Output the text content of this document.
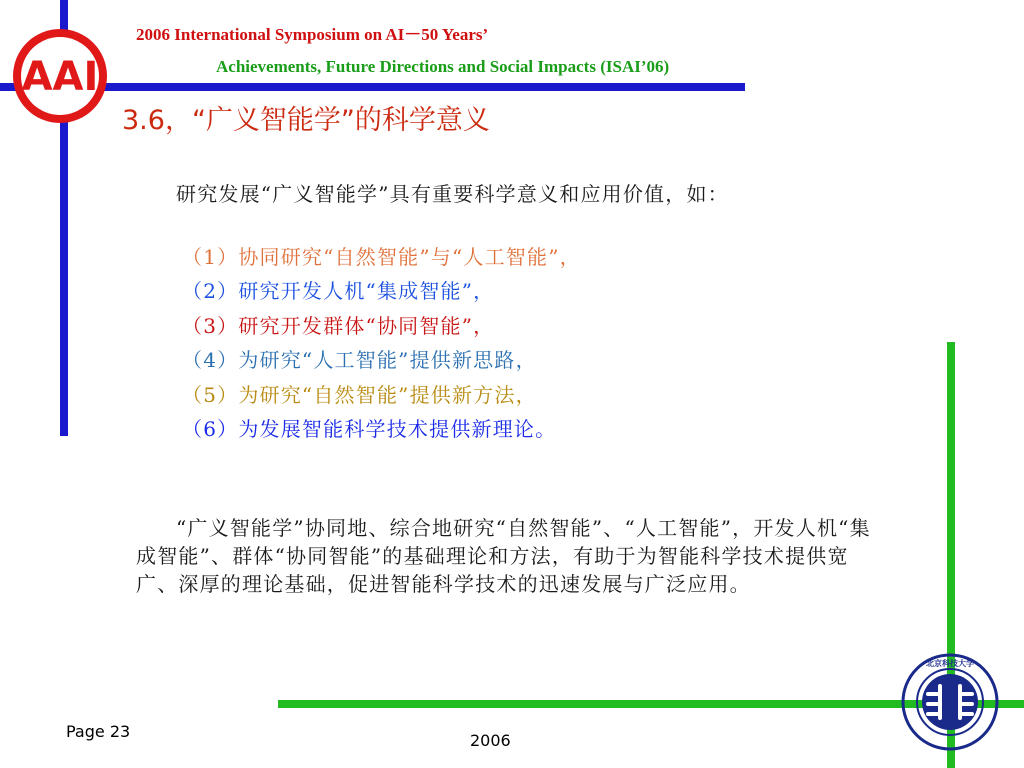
AAI
2006 International Symposium on AI－50 Years’
Achievements, Future Directions and Social Impacts (ISAI’06)
3.6，“广义智能学”的科学意义
研究发展“广义智能学”具有重要科学意义和应用价值，如：
（1）协同研究“自然智能”与“人工智能”，
（2）研究开发人机“集成智能”，
（3）研究开发群体“协同智能”，
（4）为研究“人工智能”提供新思路，
（5）为研究“自然智能”提供新方法，
（6）为发展智能科学技术提供新理论。
“广义智能学”协同地、综合地研究“自然智能”、“人工智能”，开发人机“集成智能”、群体“协同智能”的基础理论和方法，有助于为智能科学技术提供宽广、深厚的理论基础，促进智能科学技术的迅速发展与广泛应用。
Page 23	2006
北京科技大学
